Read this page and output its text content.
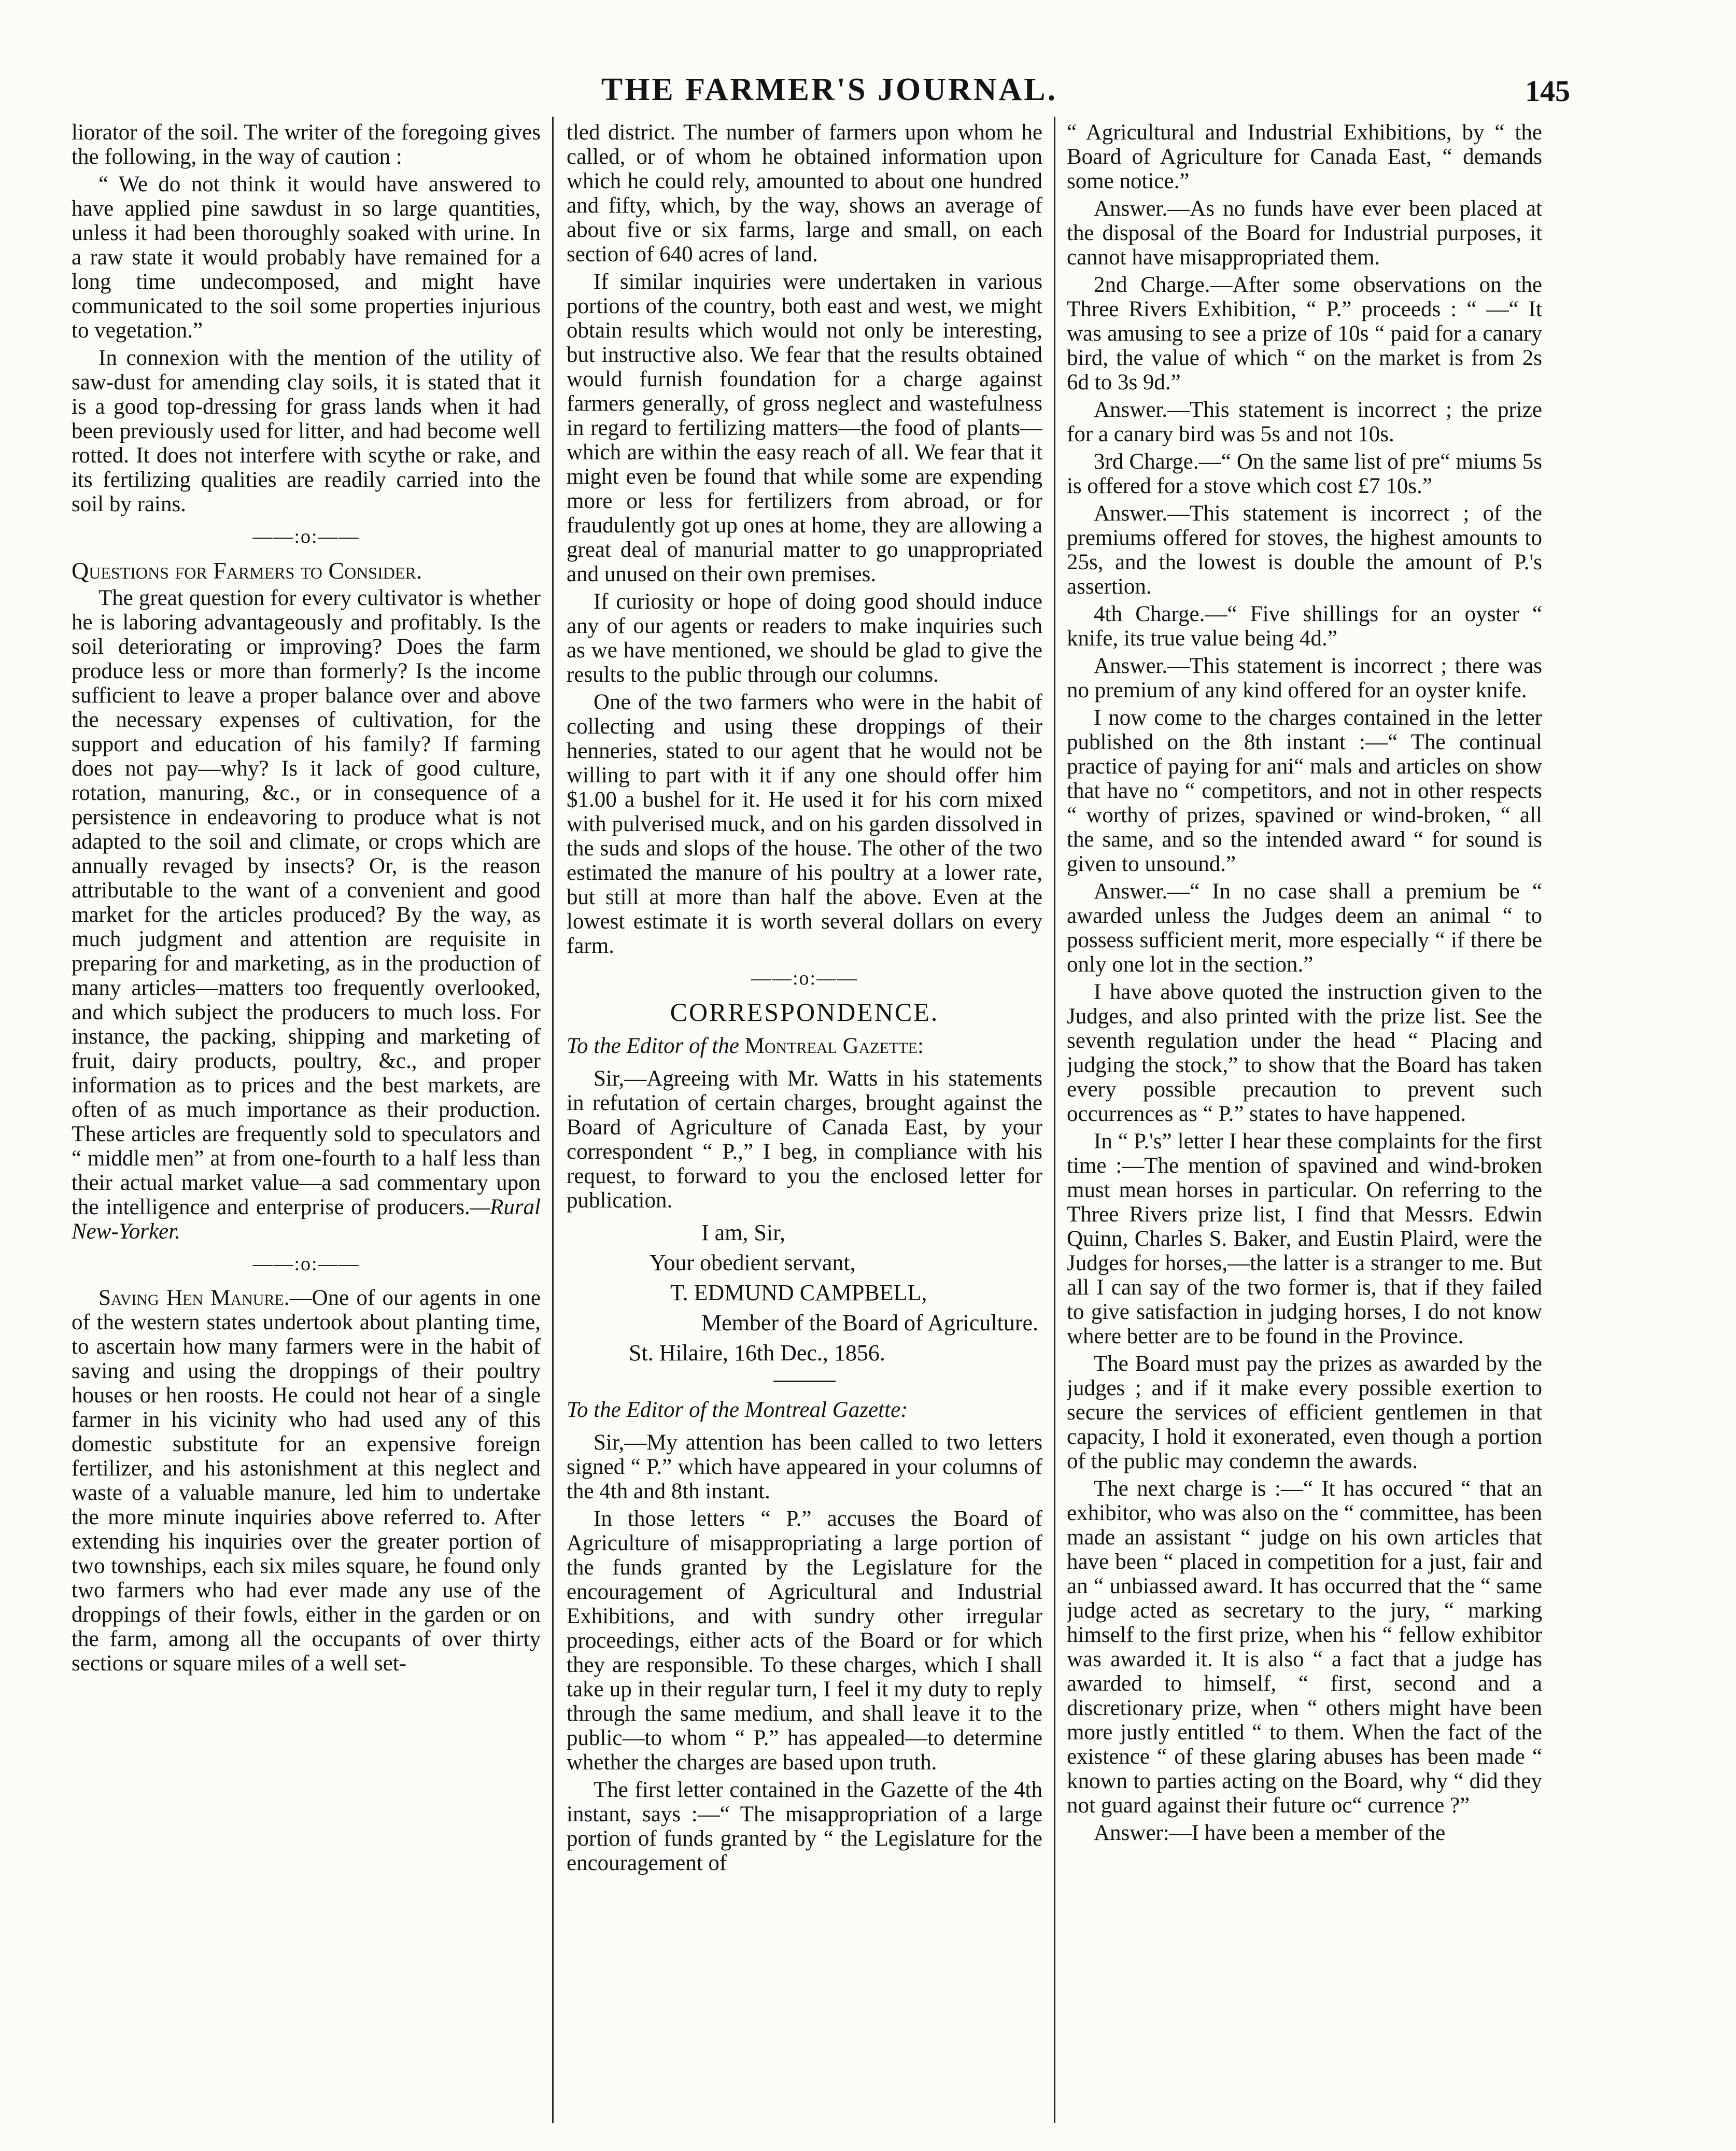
THE FARMER'S JOURNAL.	145

liorator of the soil. The writer of the foregoing gives the following, in the way of caution :

“ We do not think it would have answered to have applied pine sawdust in so large quantities, unless it had been thoroughly soaked with urine. In a raw state it would probably have remained for a long time undecomposed, and might have communicated to the soil some properties injurious to vegetation.”

In connexion with the mention of the utility of saw-dust for amending clay soils, it is stated that it is a good top-dressing for grass lands when it had been previously used for litter, and had become well rotted. It does not interfere with scythe or rake, and its fertilizing qualities are readily carried into the soil by rains.

——:o:——
Questions for Farmers to Consider.

The great question for every cultivator is whether he is laboring advantageously and profitably. Is the soil deteriorating or improving? Does the farm produce less or more than formerly? Is the income sufficient to leave a proper balance over and above the necessary expenses of cultivation, for the support and education of his family? If farming does not pay—why? Is it lack of good culture, rotation, manuring, &c., or in consequence of a persistence in endeavoring to produce what is not adapted to the soil and climate, or crops which are annually revaged by insects? Or, is the reason attributable to the want of a convenient and good market for the articles produced? By the way, as much judgment and attention are requisite in preparing for and marketing, as in the production of many articles—matters too frequently overlooked, and which subject the producers to much loss. For instance, the packing, shipping and marketing of fruit, dairy products, poultry, &c., and proper information as to prices and the best markets, are often of as much importance as their production. These articles are frequently sold to speculators and “ middle men” at from one-fourth to a half less than their actual market value—a sad commentary upon the intelligence and enterprise of producers.—Rural New-Yorker.

——:o:——

Saving Hen Manure.—One of our agents in one of the western states undertook about planting time, to ascertain how many farmers were in the habit of saving and using the droppings of their poultry houses or hen roosts. He could not hear of a single farmer in his vicinity who had used any of this domestic substitute for an expensive foreign fertilizer, and his astonishment at this neglect and waste of a valuable manure, led him to undertake the more minute inquiries above referred to. After extending his inquiries over the greater portion of two townships, each six miles square, he found only two farmers who had ever made any use of the droppings of their fowls, either in the garden or on the farm, among all the occupants of over thirty sections or square miles of a well set-

tled district. The number of farmers upon whom he called, or of whom he obtained information upon which he could rely, amounted to about one hundred and fifty, which, by the way, shows an average of about five or six farms, large and small, on each section of 640 acres of land.

If similar inquiries were undertaken in various portions of the country, both east and west, we might obtain results which would not only be interesting, but instructive also. We fear that the results obtained would furnish foundation for a charge against farmers generally, of gross neglect and wastefulness in regard to fertilizing matters—the food of plants—which are within the easy reach of all. We fear that it might even be found that while some are expending more or less for fertilizers from abroad, or for fraudulently got up ones at home, they are allowing a great deal of manurial matter to go unappropriated and unused on their own premises.

If curiosity or hope of doing good should induce any of our agents or readers to make inquiries such as we have mentioned, we should be glad to give the results to the public through our columns.

One of the two farmers who were in the habit of collecting and using these droppings of their henneries, stated to our agent that he would not be willing to part with it if any one should offer him $1.00 a bushel for it. He used it for his corn mixed with pulverised muck, and on his garden dissolved in the suds and slops of the house. The other of the two estimated the manure of his poultry at a lower rate, but still at more than half the above. Even at the lowest estimate it is worth several dollars on every farm.

——:o:——
CORRESPONDENCE.
To the Editor of the Montreal Gazette:

Sir,—Agreeing with Mr. Watts in his statements in refutation of certain charges, brought against the Board of Agriculture of Canada East, by your correspondent “ P.,” I beg, in compliance with his request, to forward to you the enclosed letter for publication.

I am, Sir,
Your obedient servant,
T. EDMUND CAMPBELL,
Member of the Board of Agriculture.
St. Hilaire, 16th Dec., 1856.
To the Editor of the Montreal Gazette:

Sir,—My attention has been called to two letters signed “ P.” which have appeared in your columns of the 4th and 8th instant.

In those letters “ P.” accuses the Board of Agriculture of misappropriating a large portion of the funds granted by the Legislature for the encouragement of Agricultural and Industrial Exhibitions, and with sundry other irregular proceedings, either acts of the Board or for which they are responsible. To these charges, which I shall take up in their regular turn, I feel it my duty to reply through the same medium, and shall leave it to the public—to whom “ P.” has appealed—to determine whether the charges are based upon truth.

The first letter contained in the Gazette of the 4th instant, says :—“ The misappropriation of a large portion of funds granted by “ the Legislature for the encouragement of

“ Agricultural and Industrial Exhibitions, by “ the Board of Agriculture for Canada East, “ demands some notice.”

Answer.—As no funds have ever been placed at the disposal of the Board for Industrial purposes, it cannot have misappropriated them.

2nd Charge.—After some observations on the Three Rivers Exhibition, “ P.” proceeds : “ —“ It was amusing to see a prize of 10s “ paid for a canary bird, the value of which “ on the market is from 2s 6d to 3s 9d.”

Answer.—This statement is incorrect ; the prize for a canary bird was 5s and not 10s.

3rd Charge.—“ On the same list of pre“ miums 5s is offered for a stove which cost £7 10s.”

Answer.—This statement is incorrect ; of the premiums offered for stoves, the highest amounts to 25s, and the lowest is double the amount of P.'s assertion.

4th Charge.—“ Five shillings for an oyster “ knife, its true value being 4d.”

Answer.—This statement is incorrect ; there was no premium of any kind offered for an oyster knife.

I now come to the charges contained in the letter published on the 8th instant :—“ The continual practice of paying for ani“ mals and articles on show that have no “ competitors, and not in other respects “ worthy of prizes, spavined or wind-broken, “ all the same, and so the intended award “ for sound is given to unsound.”

Answer.—“ In no case shall a premium be “ awarded unless the Judges deem an animal “ to possess sufficient merit, more especially “ if there be only one lot in the section.”

I have above quoted the instruction given to the Judges, and also printed with the prize list. See the seventh regulation under the head “ Placing and judging the stock,” to show that the Board has taken every possible precaution to prevent such occurrences as “ P.” states to have happened.

In “ P.'s” letter I hear these complaints for the first time :—The mention of spavined and wind-broken must mean horses in particular. On referring to the Three Rivers prize list, I find that Messrs. Edwin Quinn, Charles S. Baker, and Eustin Plaird, were the Judges for horses,—the latter is a stranger to me. But all I can say of the two former is, that if they failed to give satisfaction in judging horses, I do not know where better are to be found in the Province.

The Board must pay the prizes as awarded by the judges ; and if it make every possible exertion to secure the services of efficient gentlemen in that capacity, I hold it exonerated, even though a portion of the public may condemn the awards.

The next charge is :—“ It has occured “ that an exhibitor, who was also on the “ committee, has been made an assistant “ judge on his own articles that have been “ placed in competition for a just, fair and an “ unbiassed award. It has occurred that the “ same judge acted as secretary to the jury, “ marking himself to the first prize, when his “ fellow exhibitor was awarded it. It is also “ a fact that a judge has awarded to himself, “ first, second and a discretionary prize, when “ others might have been more justly entitled “ to them. When the fact of the existence “ of these glaring abuses has been made “ known to parties acting on the Board, why “ did they not guard against their future oc“ currence ?”

Answer:—I have been a member of the
